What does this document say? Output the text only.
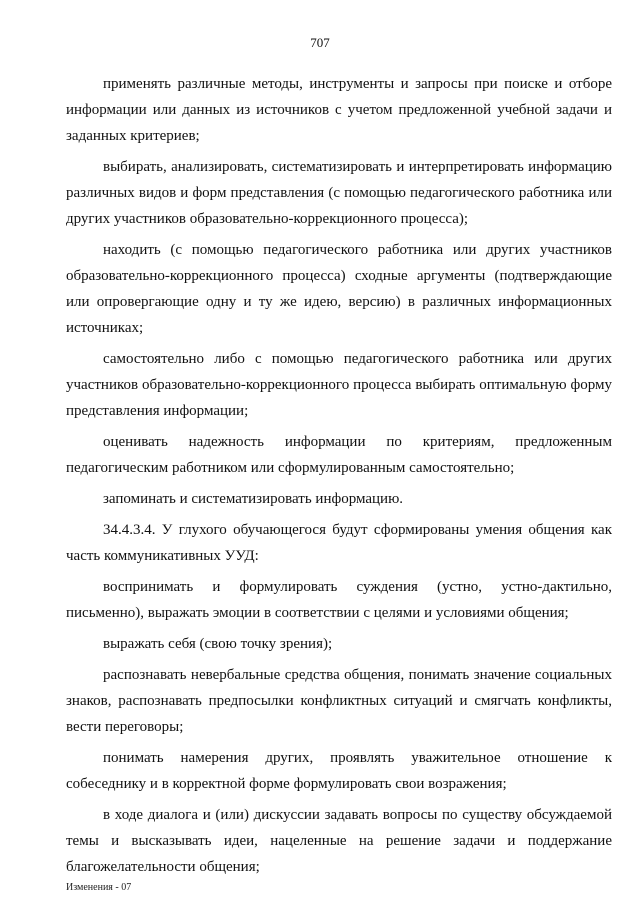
707

применять различные методы, инструменты и запросы при поиске и отборе информации или данных из источников с учетом предложенной учебной задачи и заданных критериев;

выбирать, анализировать, систематизировать и интерпретировать информацию различных видов и форм представления (с помощью педагогического работника или других участников образовательно-коррекционного процесса);

находить (с помощью педагогического работника или других участников образовательно-коррекционного процесса) сходные аргументы (подтверждающие или опровергающие одну и ту же идею, версию) в различных информационных источниках;

самостоятельно либо с помощью педагогического работника или других участников образовательно-коррекционного процесса выбирать оптимальную форму представления информации;

оценивать надежность информации по критериям, предложенным педагогическим работником или сформулированным самостоятельно;

запоминать и систематизировать информацию.

34.4.3.4. У глухого обучающегося будут сформированы умения общения как часть коммуникативных УУД:

воспринимать и формулировать суждения (устно, устно-дактильно, письменно), выражать эмоции в соответствии с целями и условиями общения;

выражать себя (свою точку зрения);

распознавать невербальные средства общения, понимать значение социальных знаков, распознавать предпосылки конфликтных ситуаций и смягчать конфликты, вести переговоры;

понимать намерения других, проявлять уважительное отношение к собеседнику и в корректной форме формулировать свои возражения;

в ходе диалога и (или) дискуссии задавать вопросы по существу обсуждаемой темы и высказывать идеи, нацеленные на решение задачи и поддержание благожелательности общения;

Изменения - 07
